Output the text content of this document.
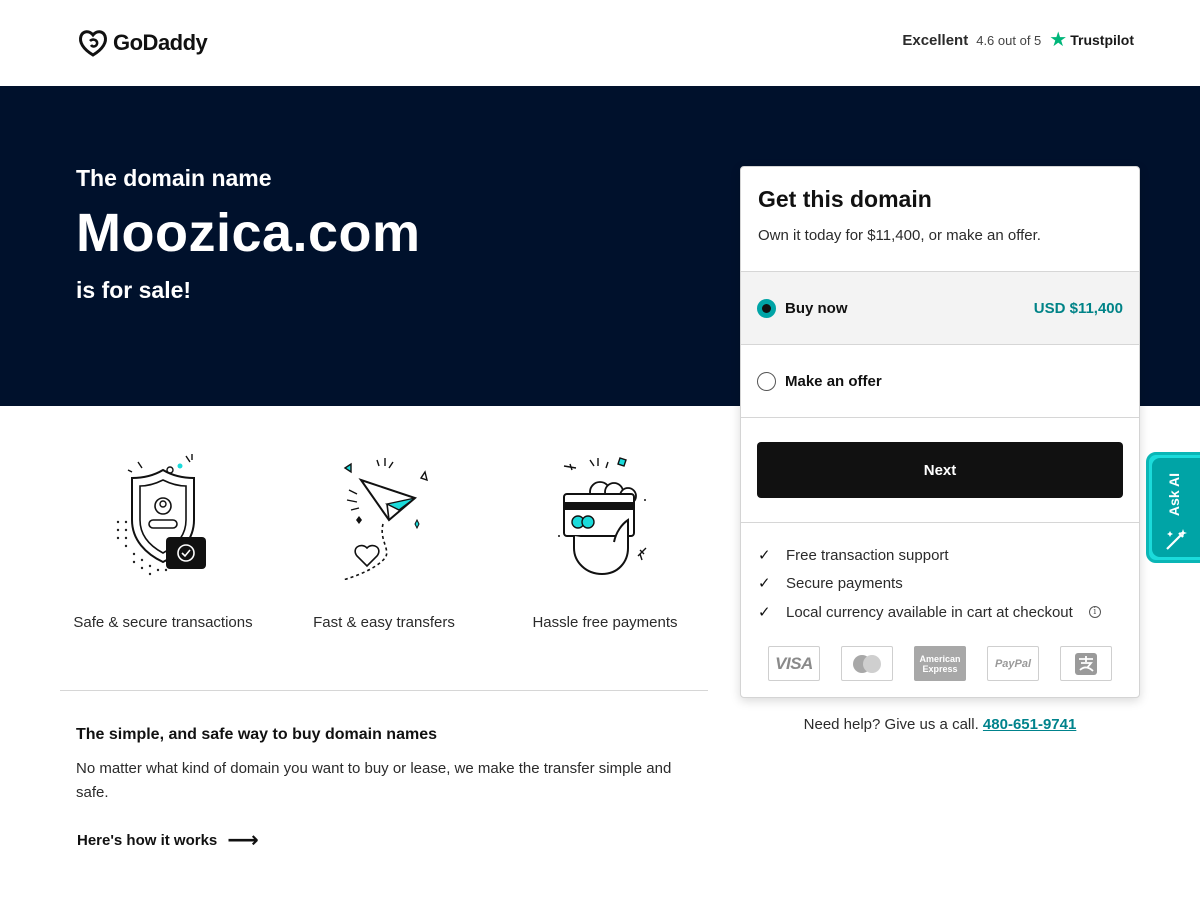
GoDaddy	Excellent 4.6 out of 5 ★ Trustpilot
The domain name
Moozica.com
is for sale!
Safe & secure transactions	Fast & easy transfers	Hassle free payments
The simple, and safe way to buy domain names
No matter what kind of domain you want to buy or lease, we make the transfer simple and safe.
Here's how it works ⟶
Get this domain
Own it today for $11,400, or make an offer.
Buy now	USD $11,400
Make an offer
Next
✓	Free transaction support
✓	Secure payments
✓	Local currency available in cart at checkout	i
VISA	American Express	PayPal
Need help? Give us a call. 480-651-9741
Ask AI
